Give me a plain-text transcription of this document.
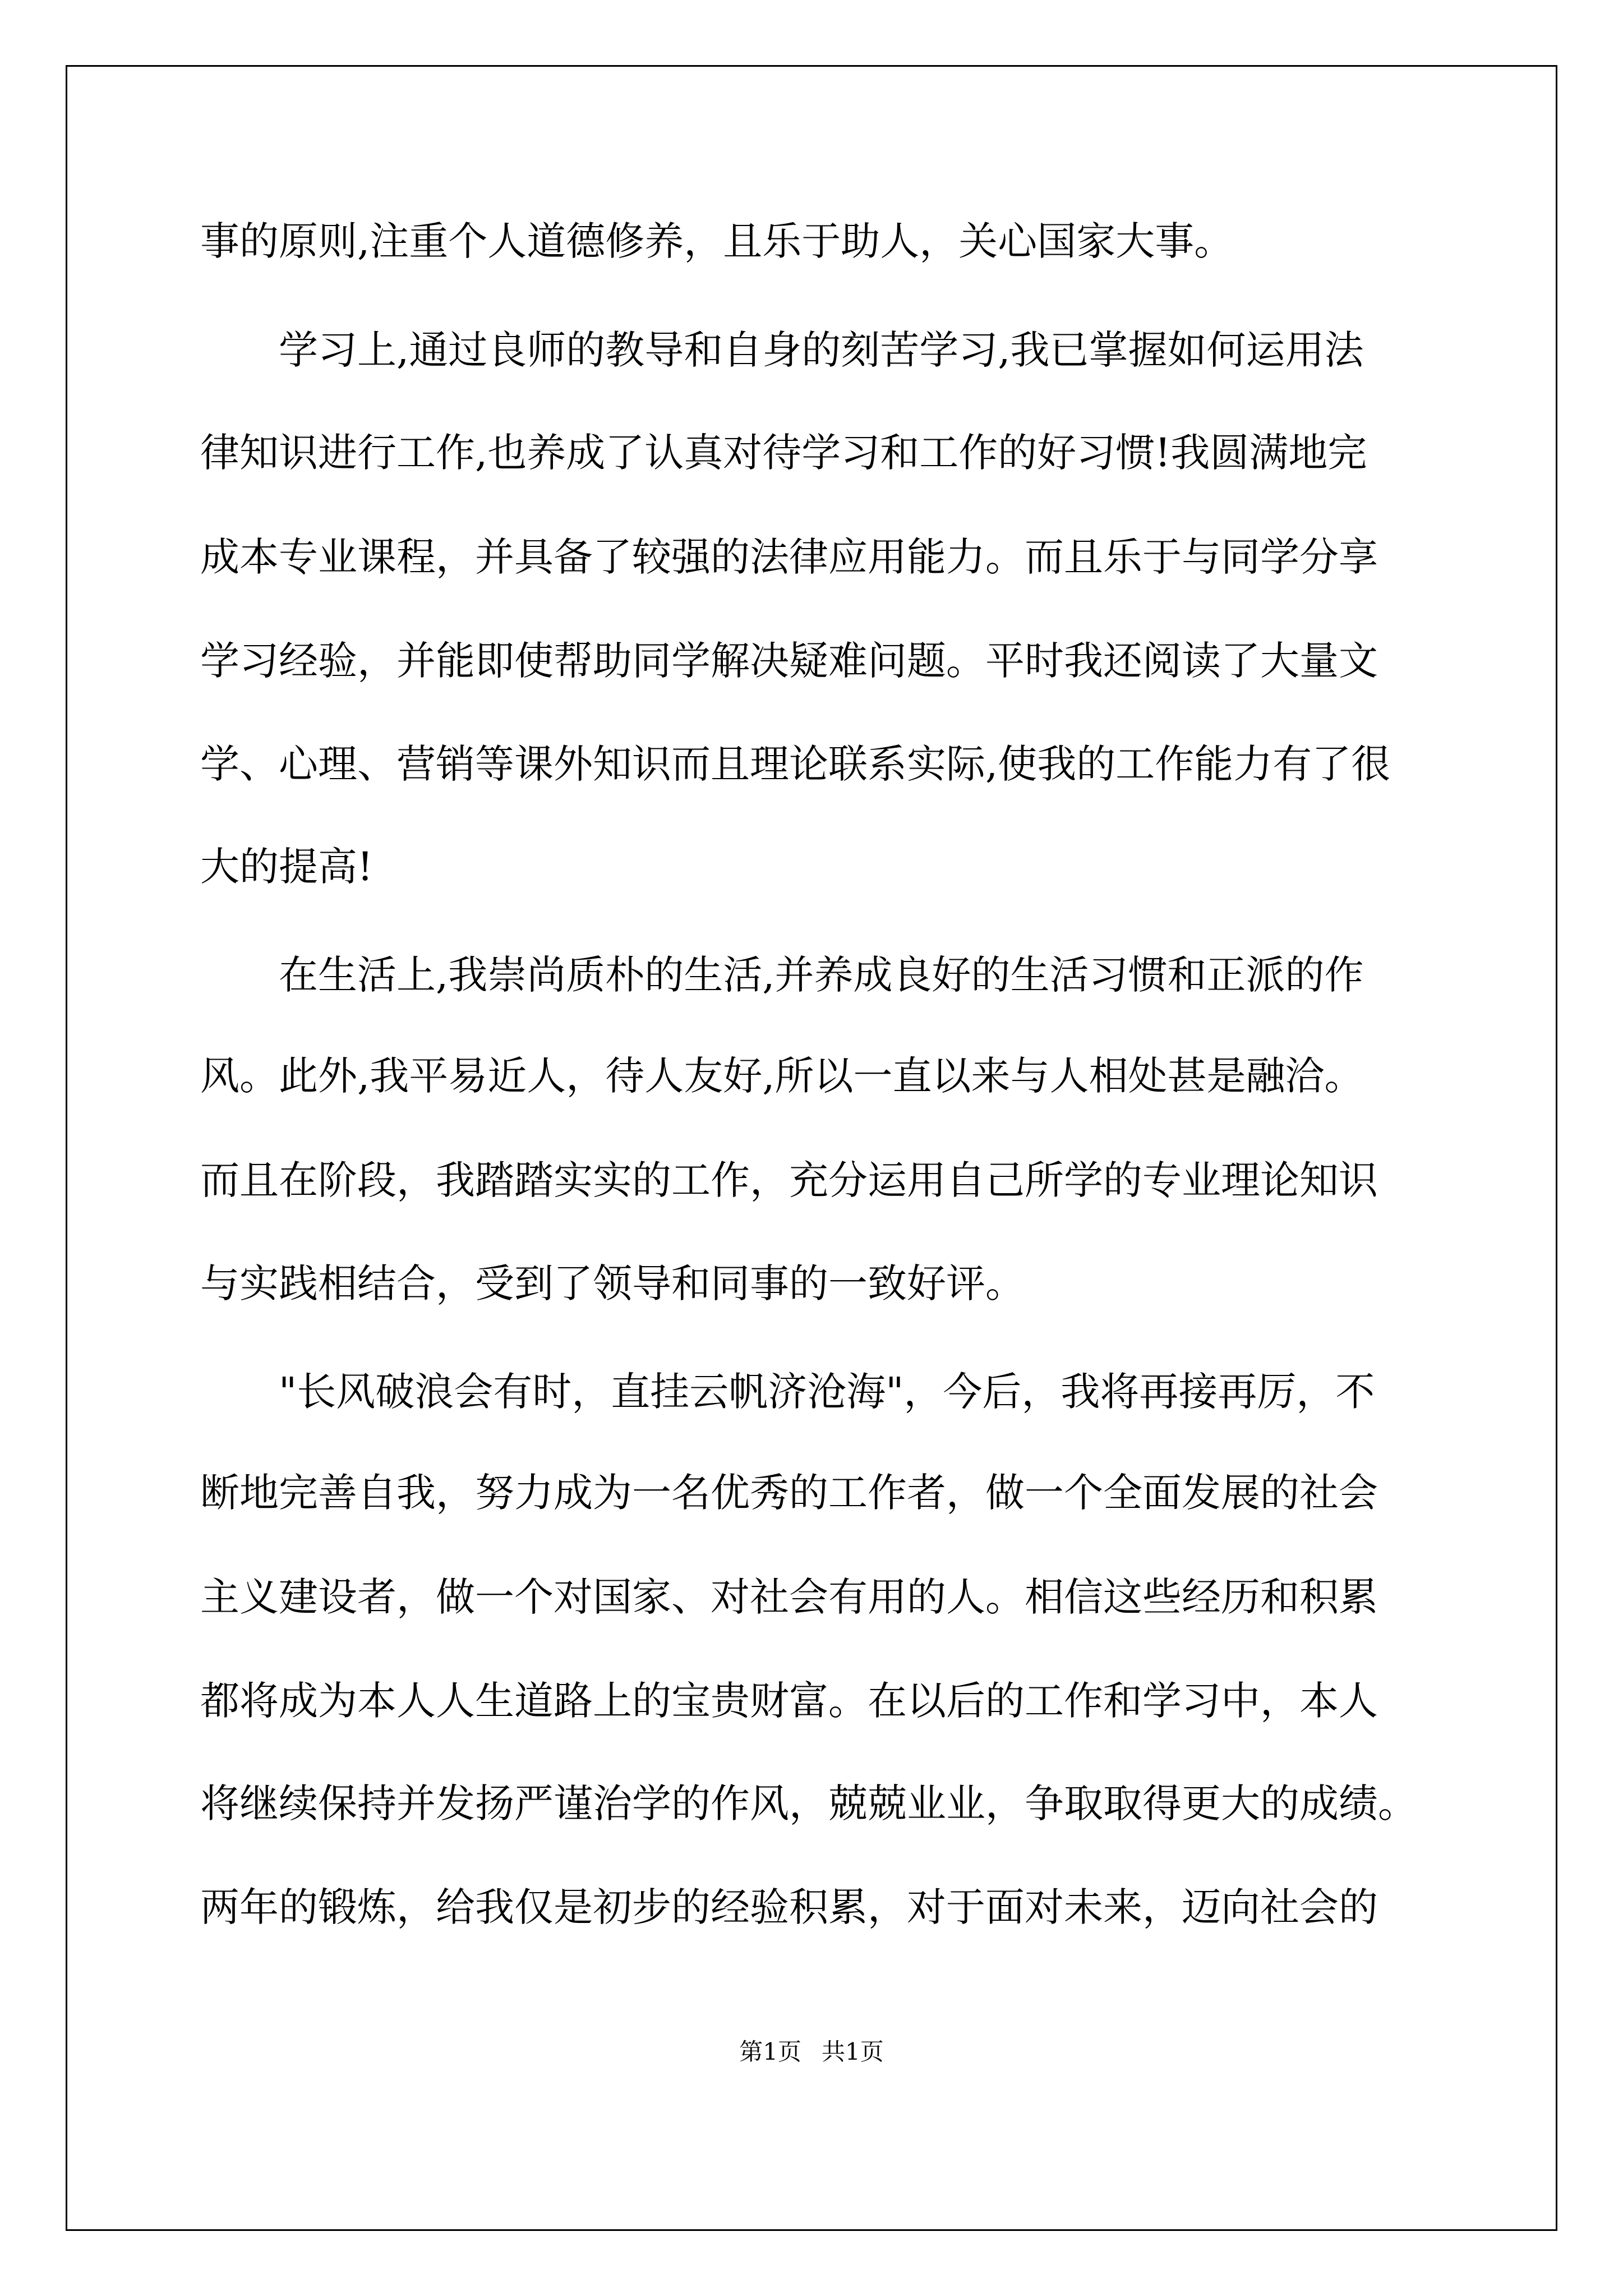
事的原则,注重个人道德修养，且乐于助人，关心国家大事。

学习上,通过良师的教导和自身的刻苦学习,我已掌握如何运用法

律知识进行工作,也养成了认真对待学习和工作的好习惯!我圆满地完

成本专业课程，并具备了较强的法律应用能力。而且乐于与同学分享

学习经验，并能即使帮助同学解决疑难问题。平时我还阅读了大量文

学、心理、营销等课外知识而且理论联系实际,使我的工作能力有了很

大的提高!

在生活上,我崇尚质朴的生活,并养成良好的生活习惯和正派的作

风。此外,我平易近人，待人友好,所以一直以来与人相处甚是融洽。

而且在阶段，我踏踏实实的工作，充分运用自己所学的专业理论知识

与实践相结合，受到了领导和同事的一致好评。

"长风破浪会有时，直挂云帆济沧海"，今后，我将再接再厉，不

断地完善自我，努力成为一名优秀的工作者，做一个全面发展的社会

主义建设者，做一个对国家、对社会有用的人。相信这些经历和积累

都将成为本人人生道路上的宝贵财富。在以后的工作和学习中，本人

将继续保持并发扬严谨治学的作风，兢兢业业，争取取得更大的成绩。

两年的锻炼，给我仅是初步的经验积累，对于面对未来，迈向社会的

第1页 共1页
